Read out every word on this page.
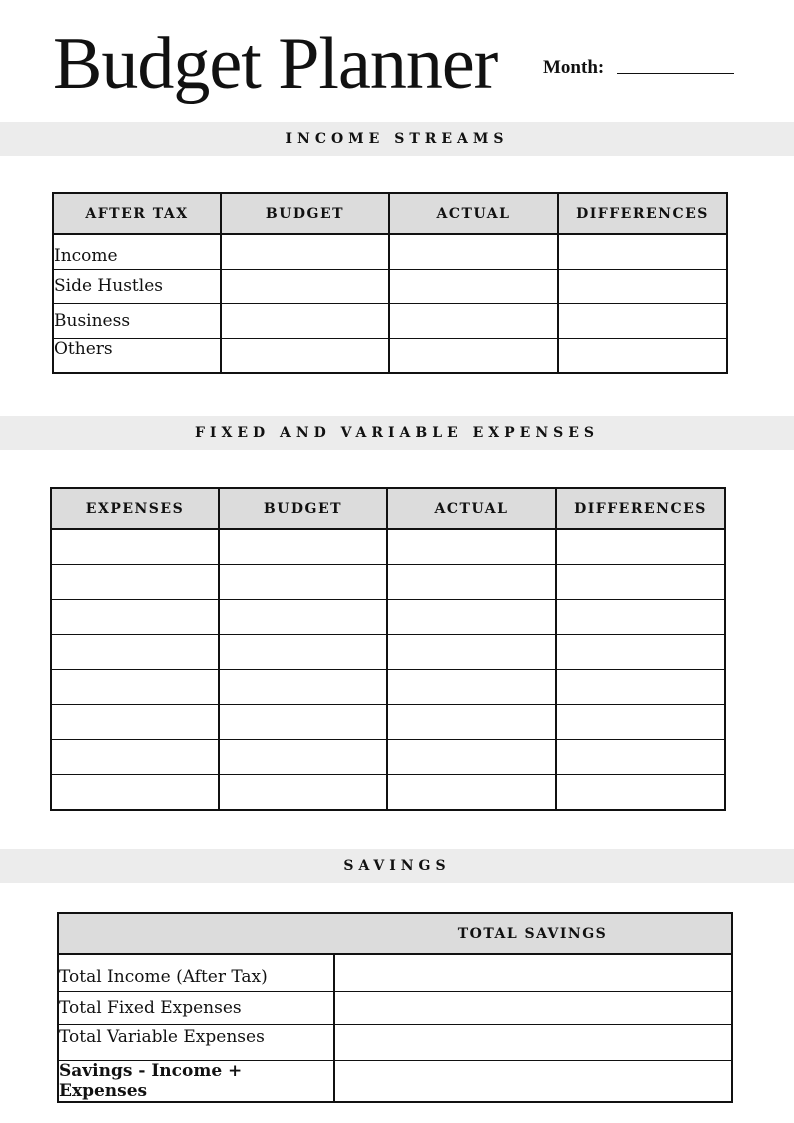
Budget Planner Month:
INCOME STREAMS
AFTER TAX	BUDGET	ACTUAL	DIFFERENCES
Income			
Side Hustles			
Business			
Others			
FIXED AND VARIABLE EXPENSES
EXPENSES	BUDGET	ACTUAL	DIFFERENCES

SAVINGS
	TOTAL SAVINGS
Total Income (After Tax)	
Total Fixed Expenses	
Total Variable Expenses	
Savings - Income + Expenses	
